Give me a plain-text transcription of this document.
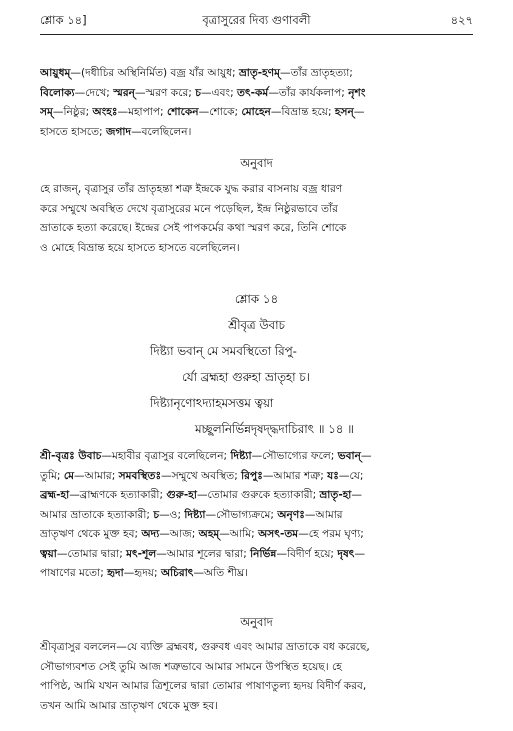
শ্লোক ১৪]	বৃত্রাসুরের দিব্য গুণাবলী	৪২৭
আয়ুধম্—(দধীচির অস্থিনির্মিত) বজ্র যাঁর আয়ুধ; ভ্রাতৃ-হণম্—তাঁর ভ্রাতৃহত্যা;
বিলোক্য—দেখে; স্মরন্—স্মরণ করে; চ—এবং; তৎ-কর্ম—তাঁর কার্যকলাপ; নৃশং
সম্—নিষ্ঠুর; অংহঃ—মহাপাপ; শোকেন—শোকে; মোহেন—বিভ্রান্ত হয়ে; হসন্—
হাসতে হাসতে; জগাদ—বলেছিলেন।
অনুবাদ
হে রাজন্, বৃত্রাসুর তাঁর ভ্রাতৃহন্তা শত্রু ইন্দ্রকে যুদ্ধ করার বাসনায় বজ্র ধারণ
করে সম্মুখে অবস্থিত দেখে বৃত্রাসুরের মনে পড়েছিল, ইন্দ্র নিষ্ঠুরভাবে তাঁর
ভ্রাতাকে হত্যা করেছে। ইন্দ্রের সেই পাপকর্মের কথা স্মরণ করে, তিনি শোকে
ও মোহে বিভ্রান্ত হয়ে হাসতে হাসতে বলেছিলেন।
শ্লোক ১৪
শ্রীবৃত্র উবাচ
দিষ্ট্যা ভবান্ মে সমবস্থিতো রিপু-
র্যো ব্রহ্মহা গুরুহা ভ্রাতৃহা চ।
দিষ্ট্যানৃণোঽদ্যাহমসত্তম ত্বয়া
মচ্ছূলনির্ভিন্নদৃষদ্দ্ধদাচিরাৎ ॥ ১৪ ॥
শ্রী-বৃত্রঃ উবাচ—মহাবীর বৃত্রাসুর বলেছিলেন; দিষ্ট্যা—সৌভাগ্যের ফলে; ভবান্—
তুমি; মে—আমার; সমবস্থিতঃ—সম্মুখে অবস্থিত; রিপুঃ—আমার শত্রু; যঃ—যে;
ব্রহ্ম-হা—ব্রাহ্মণকে হত্যাকারী; গুরু-হা—তোমার গুরুকে হত্যাকারী; ভ্রাতৃ-হা—
আমার ভ্রাতাকে হত্যাকারী; চ—ও; দিষ্ট্যা—সৌভাগ্যক্রমে; অনৃণঃ—আমার
ভ্রাতৃঋণ থেকে মুক্ত হব; অদ্য—আজ; অহম্—আমি; অসৎ-তম—হে পরম ঘৃণ্য;
ত্বয়া—তোমার দ্বারা; মৎ-শূল—আমার শূলের দ্বারা; নির্ভিন্ন—বিদীর্ণ হয়ে; দৃষৎ—
পাষাণের মতো; হৃদা—হৃদয়; অচিরাৎ—অতি শীঘ্র।
অনুবাদ
শ্রীবৃত্রাসুর বললেন—যে ব্যক্তি ব্রহ্মবধ, গুরুবধ এবং আমার ভ্রাতাকে বধ করেছে,
সৌভাগ্যবশত সেই তুমি আজ শত্রুভাবে আমার সামনে উপস্থিত হয়েছ। হে
পাপিষ্ঠ, আমি যখন আমার ত্রিশূলের দ্বারা তোমার পাষাণতুল্য হৃদয় বিদীর্ণ করব,
তখন আমি আমার ভ্রাতৃঋণ থেকে মুক্ত হব।
